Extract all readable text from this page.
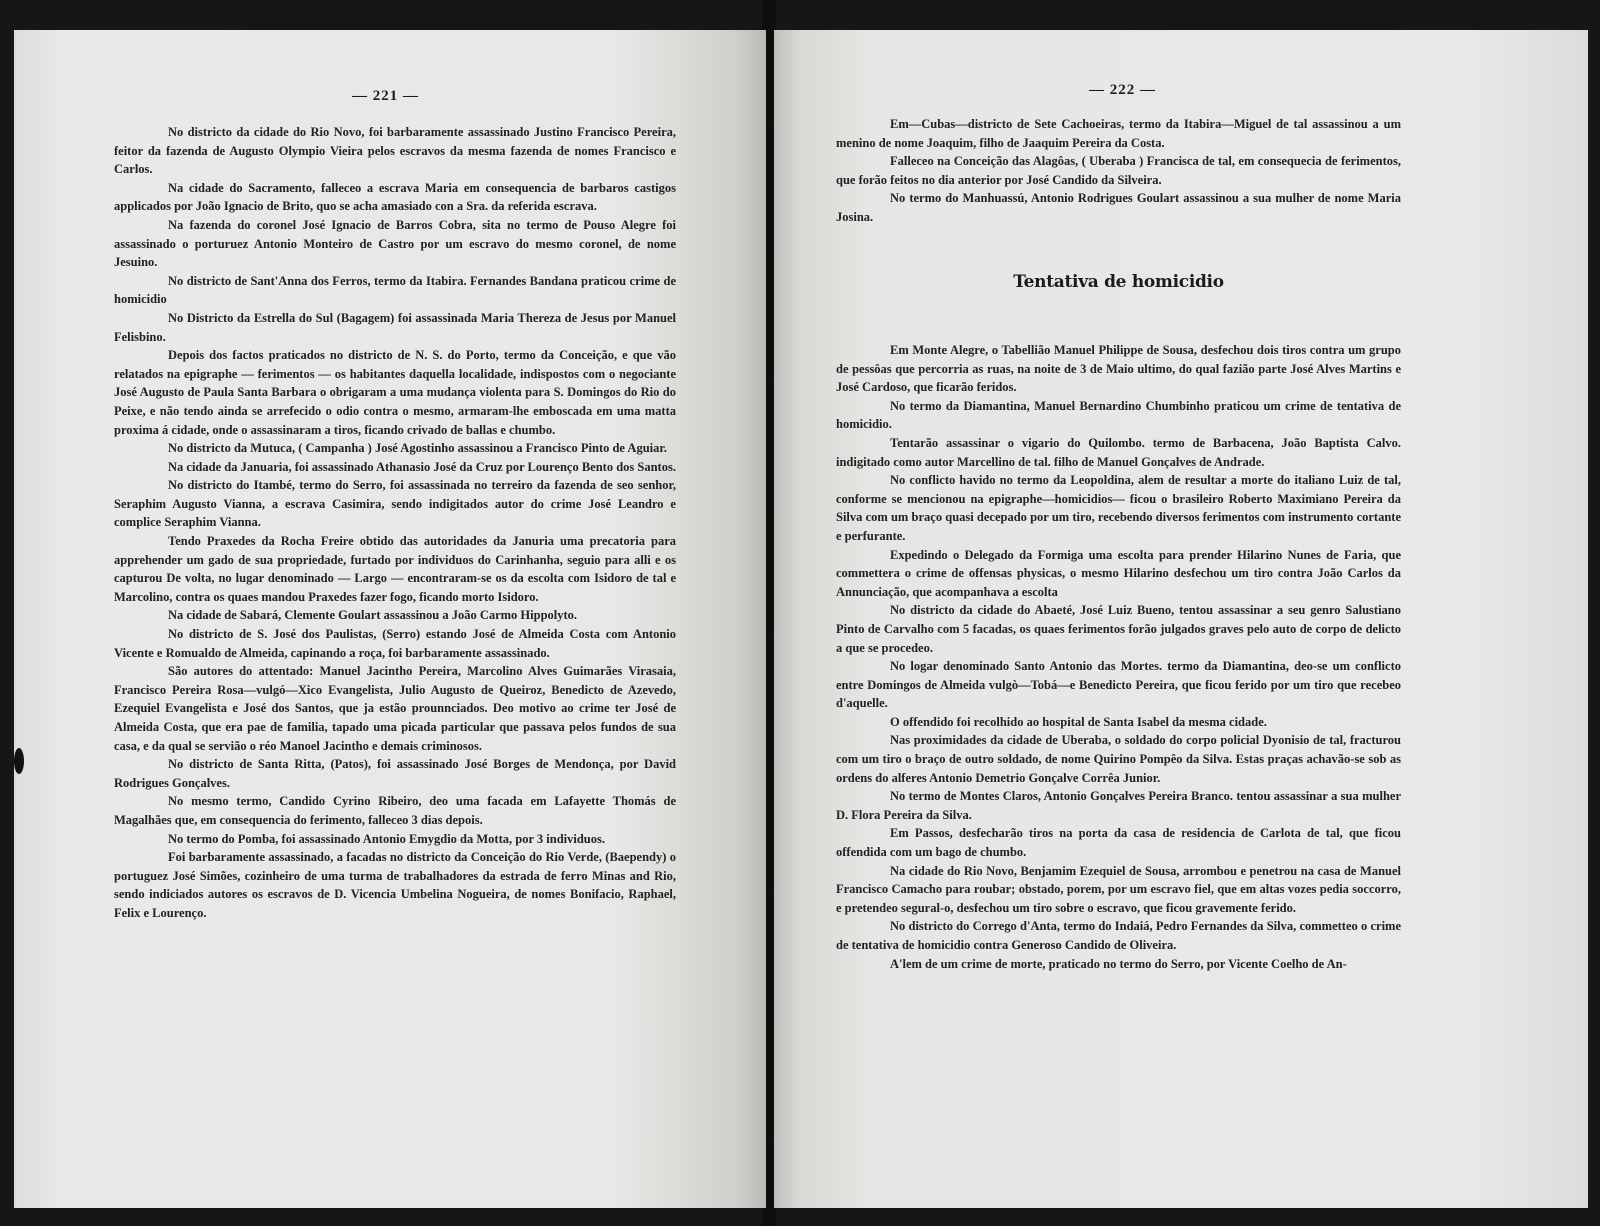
— 221 —

No districto da cidade do Rio Novo, foi barbaramente assassinado Justino Francisco Pereira, feitor da fazenda de Augusto Olympio Vieira pelos escravos da mesma fazenda de nomes Francisco e Carlos.

Na cidade do Sacramento, falleceo a escrava Maria em consequencia de barbaros castigos applicados por João Ignacio de Brito, quo se acha amasiado con a Sra. da referida escrava.

Na fazenda do coronel José Ignacio de Barros Cobra, sita no termo de Pouso Alegre foi assassinado o porturuez Antonio Monteiro de Castro por um escravo do mesmo coronel, de nome Jesuino.

No districto de Sant'Anna dos Ferros, termo da Itabira. Fernandes Bandana praticou crime de homicidio

No Districto da Estrella do Sul (Bagagem) foi assassinada Maria Thereza de Jesus por Manuel Felisbino.

Depois dos factos praticados no districto de N. S. do Porto, termo da Conceição, e que vão relatados na epigraphe — ferimentos — os habitantes daquella localidade, indispostos com o negociante José Augusto de Paula Santa Barbara o obrigaram a uma mudança violenta para S. Domingos do Rio do Peixe, e não tendo ainda se arrefecido o odio contra o mesmo, armaram-lhe emboscada em uma matta proxima á cidade, onde o assassinaram a tiros, ficando crivado de ballas e chumbo.

No districto da Mutuca, ( Campanha ) José Agostinho assassinou a Francisco Pinto de Aguiar.

Na cidade da Januaria, foi assassinado Athanasio José da Cruz por Lourenço Bento dos Santos.

No districto do Itambé, termo do Serro, foi assassinada no terreiro da fazenda de seo senhor, Seraphim Augusto Vianna, a escrava Casimira, sendo indigitados autor do crime José Leandro e complice Seraphim Vianna.

Tendo Praxedes da Rocha Freire obtido das autoridades da Januria uma precatoria para apprehender um gado de sua propriedade, furtado por individuos do Carinhanha, seguio para alli e os capturou De volta, no lugar denominado — Largo — encontraram-se os da escolta com Isidoro de tal e Marcolino, contra os quaes mandou Praxedes fazer fogo, ficando morto Isidoro.

Na cidade de Sabará, Clemente Goulart assassinou a João Carmo Hippolyto.

No districto de S. José dos Paulistas, (Serro) estando José de Almeida Costa com Antonio Vicente e Romualdo de Almeida, capinando a roça, foi barbaramente assassinado.

São autores do attentado: Manuel Jacintho Pereira, Marcolino Alves Guimarães Virasaia, Francisco Pereira Rosa—vulgó—Xico Evangelista, Julio Augusto de Queiroz, Benedicto de Azevedo, Ezequiel Evangelista e José dos Santos, que ja estão prounnciados. Deo motivo ao crime ter José de Almeida Costa, que era pae de familia, tapado uma picada particular que passava pelos fundos de sua casa, e da qual se servião o réo Manoel Jacintho e demais criminosos.

No districto de Santa Ritta, (Patos), foi assassinado José Borges de Mendonça, por David Rodrigues Gonçalves.

No mesmo termo, Candido Cyrino Ribeiro, deo uma facada em Lafayette Thomás de Magalhães que, em consequencia do ferimento, falleceo 3 dias depois.

No termo do Pomba, foi assassinado Antonio Emygdio da Motta, por 3 individuos.

Foi barbaramente assassinado, a facadas no districto da Conceição do Rio Verde, (Baependy) o portuguez José Simões, cozinheiro de uma turma de trabalhadores da estrada de ferro Minas and Rio, sendo indiciados autores os escravos de D. Vicencia Umbelina Nogueira, de nomes Bonifacio, Raphael, Felix e Lourenço.

— 222 —

Em—Cubas—districto de Sete Cachoeiras, termo da Itabira—Miguel de tal assassinou a um menino de nome Joaquim, filho de Jaaquim Pereira da Costa.

Falleceo na Conceição das Alagôas, ( Uberaba ) Francisca de tal, em consequecia de ferimentos, que forão feitos no dia anterior por José Candido da Silveira.

No termo do Manhuassú, Antonio Rodrigues Goulart assassinou a sua mulher de nome Maria Josina.

Tentativa de homicidio

Em Monte Alegre, o Tabellião Manuel Philippe de Sousa, desfechou dois tiros contra um grupo de pessôas que percorria as ruas, na noite de 3 de Maio ultimo, do qual fazião parte José Alves Martins e José Cardoso, que ficarão feridos.

No termo da Diamantina, Manuel Bernardino Chumbinho praticou um crime de tentativa de homicidio.

Tentarão assassinar o vigario do Quilombo. termo de Barbacena, João Baptista Calvo. indigitado como autor Marcellino de tal. filho de Manuel Gonçalves de Andrade.

No conflicto havido no termo da Leopoldina, alem de resultar a morte do italiano Luiz de tal, conforme se mencionou na epigraphe—homicidios— ficou o brasileiro Roberto Maximiano Pereira da Silva com um braço quasi decepado por um tiro, recebendo diversos ferimentos com instrumento cortante e perfurante.

Expedindo o Delegado da Formiga uma escolta para prender Hilarino Nunes de Faria, que commettera o crime de offensas physicas, o mesmo Hilarino desfechou um tiro contra João Carlos da Annunciação, que acompanhava a escolta

No districto da cidade do Abaeté, José Luiz Bueno, tentou assassinar a seu genro Salustiano Pinto de Carvalho com 5 facadas, os quaes ferimentos forão julgados graves pelo auto de corpo de delicto a que se procedeo.

No logar denominado Santo Antonio das Mortes. termo da Diamantina, deo-se um conflicto entre Domingos de Almeida vulgò—Tobá—e Benedicto Pereira, que ficou ferido por um tiro que recebeo d'aquelle.

O offendido foi recolhido ao hospital de Santa Isabel da mesma cidade.

Nas proximidades da cidade de Uberaba, o soldado do corpo policial Dyonisio de tal, fracturou com um tiro o braço de outro soldado, de nome Quirino Pompêo da Silva. Estas praças achavão-se sob as ordens do alferes Antonio Demetrio Gonçalve Corrêa Junior.

No termo de Montes Claros, Antonio Gonçalves Pereira Branco. tentou assassinar a sua mulher D. Flora Pereira da Silva.

Em Passos, desfecharão tiros na porta da casa de residencia de Carlota de tal, que ficou offendida com um bago de chumbo.

Na cidade do Rio Novo, Benjamim Ezequiel de Sousa, arrombou e penetrou na casa de Manuel Francisco Camacho para roubar; obstado, porem, por um escravo fiel, que em altas vozes pedia soccorro, e pretendeo segural-o, desfechou um tiro sobre o escravo, que ficou gravemente ferido.

No districto do Corrego d'Anta, termo do Indaiá, Pedro Fernandes da Silva, commetteo o crime de tentativa de homicidio contra Generoso Candido de Oliveira.

A'lem de um crime de morte, praticado no termo do Serro, por Vicente Coelho de An-
